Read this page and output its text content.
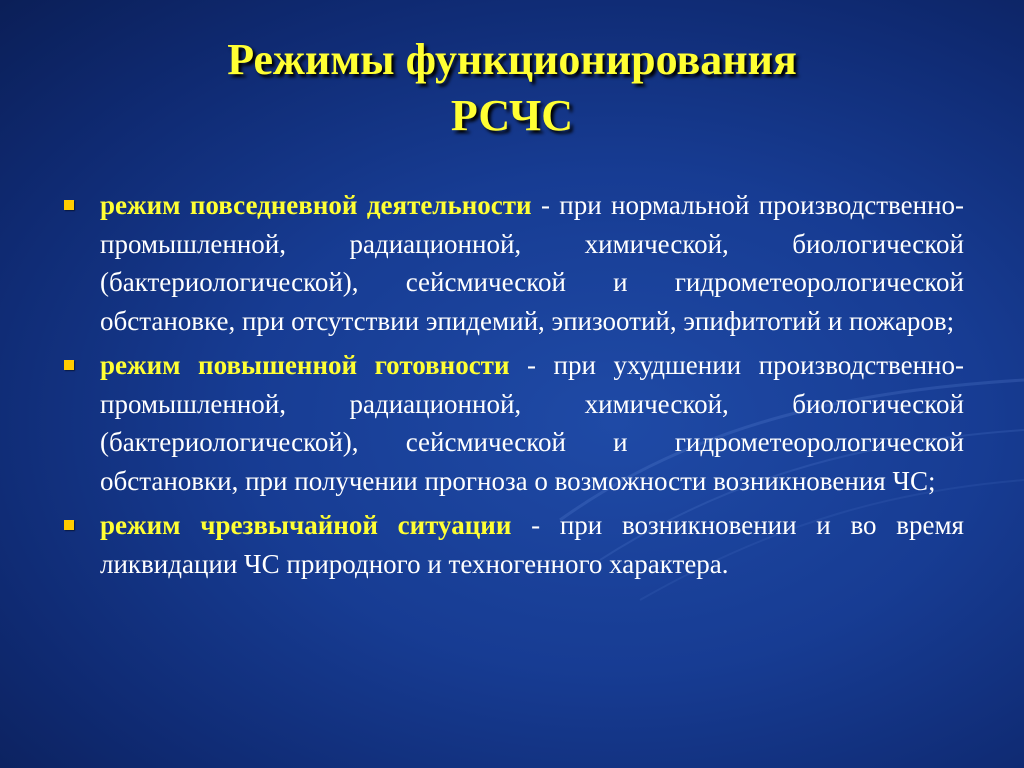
Режимы функционирования
РСЧС
режим повседневной деятельности - при нормальной производственно-промышленной, радиационной, химической, биологической (бактериологической), сейсмической и гидрометеорологической обстановке, при отсутствии эпидемий, эпизоотий, эпифитотий и пожаров;
режим повышенной готовности - при ухудшении производственно-промышленной, радиационной, химической, биологической (бактериологической), сейсмической и гидрометеорологической обстановки, при получении прогноза о возможности возникновения ЧС;
режим чрезвычайной ситуации - при возникновении и во время ликвидации ЧС природного и техногенного характера.
